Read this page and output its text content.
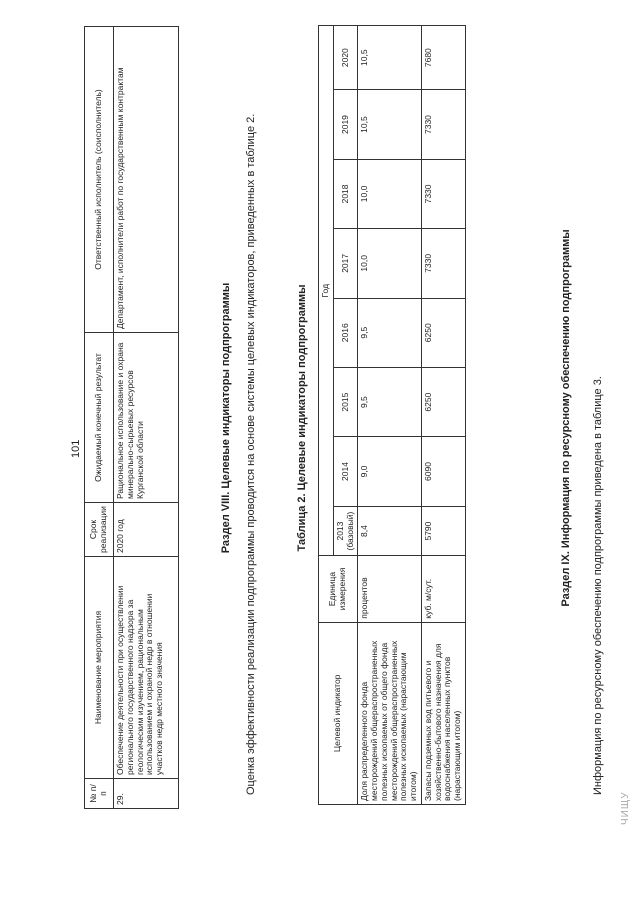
101
ЧИЩУ
№ п/п	Наименование мероприятия	Срок реализации	Ожидаемый конечный результат	Ответственный исполнитель (соисполнитель)
29.	Обеспечение деятельности при осуществлении регионального государственного надзора за геологическим изучением, рациональным использованием и охраной недр в отношении участков недр местного значения	2020 год	Рациональное использование и охрана минерально-сырьевых ресурсов Курганской области	Департамент, исполнители работ по государственным контрактам
Раздел VIII. Целевые индикаторы подпрограммы Оценка эффективности реализации подпрограммы проводится на основе системы целевых индикаторов, приведенных в таблице 2.	Таблица 2. Целевые индикаторы подпрограммы
Целевой индикатор	Единица измерения	Год							
		2013 (базовый)	2014	2015	2016	2017	2018	2019	2020
Доля распределенного фонда месторождений общераспространенных полезных ископаемых от общего фонда месторождений общераспространенных полезных ископаемых (нарастающим итогом)	процентов	8,4	9,0	9,5	9,5	10,0	10,0	10,5	10,5
Запасы подземных вод питьевого и хозяйственно-бытового назначения для водоснабжения населенных пунктов (нарастающим итогом)	куб. м/сут.	5790	6090	6250	6250	7330	7330	7330	7680
Раздел IX. Информация по ресурсному обеспечению подпрограммы Информация по ресурсному обеспечению подпрограммы приведена в таблице 3.
